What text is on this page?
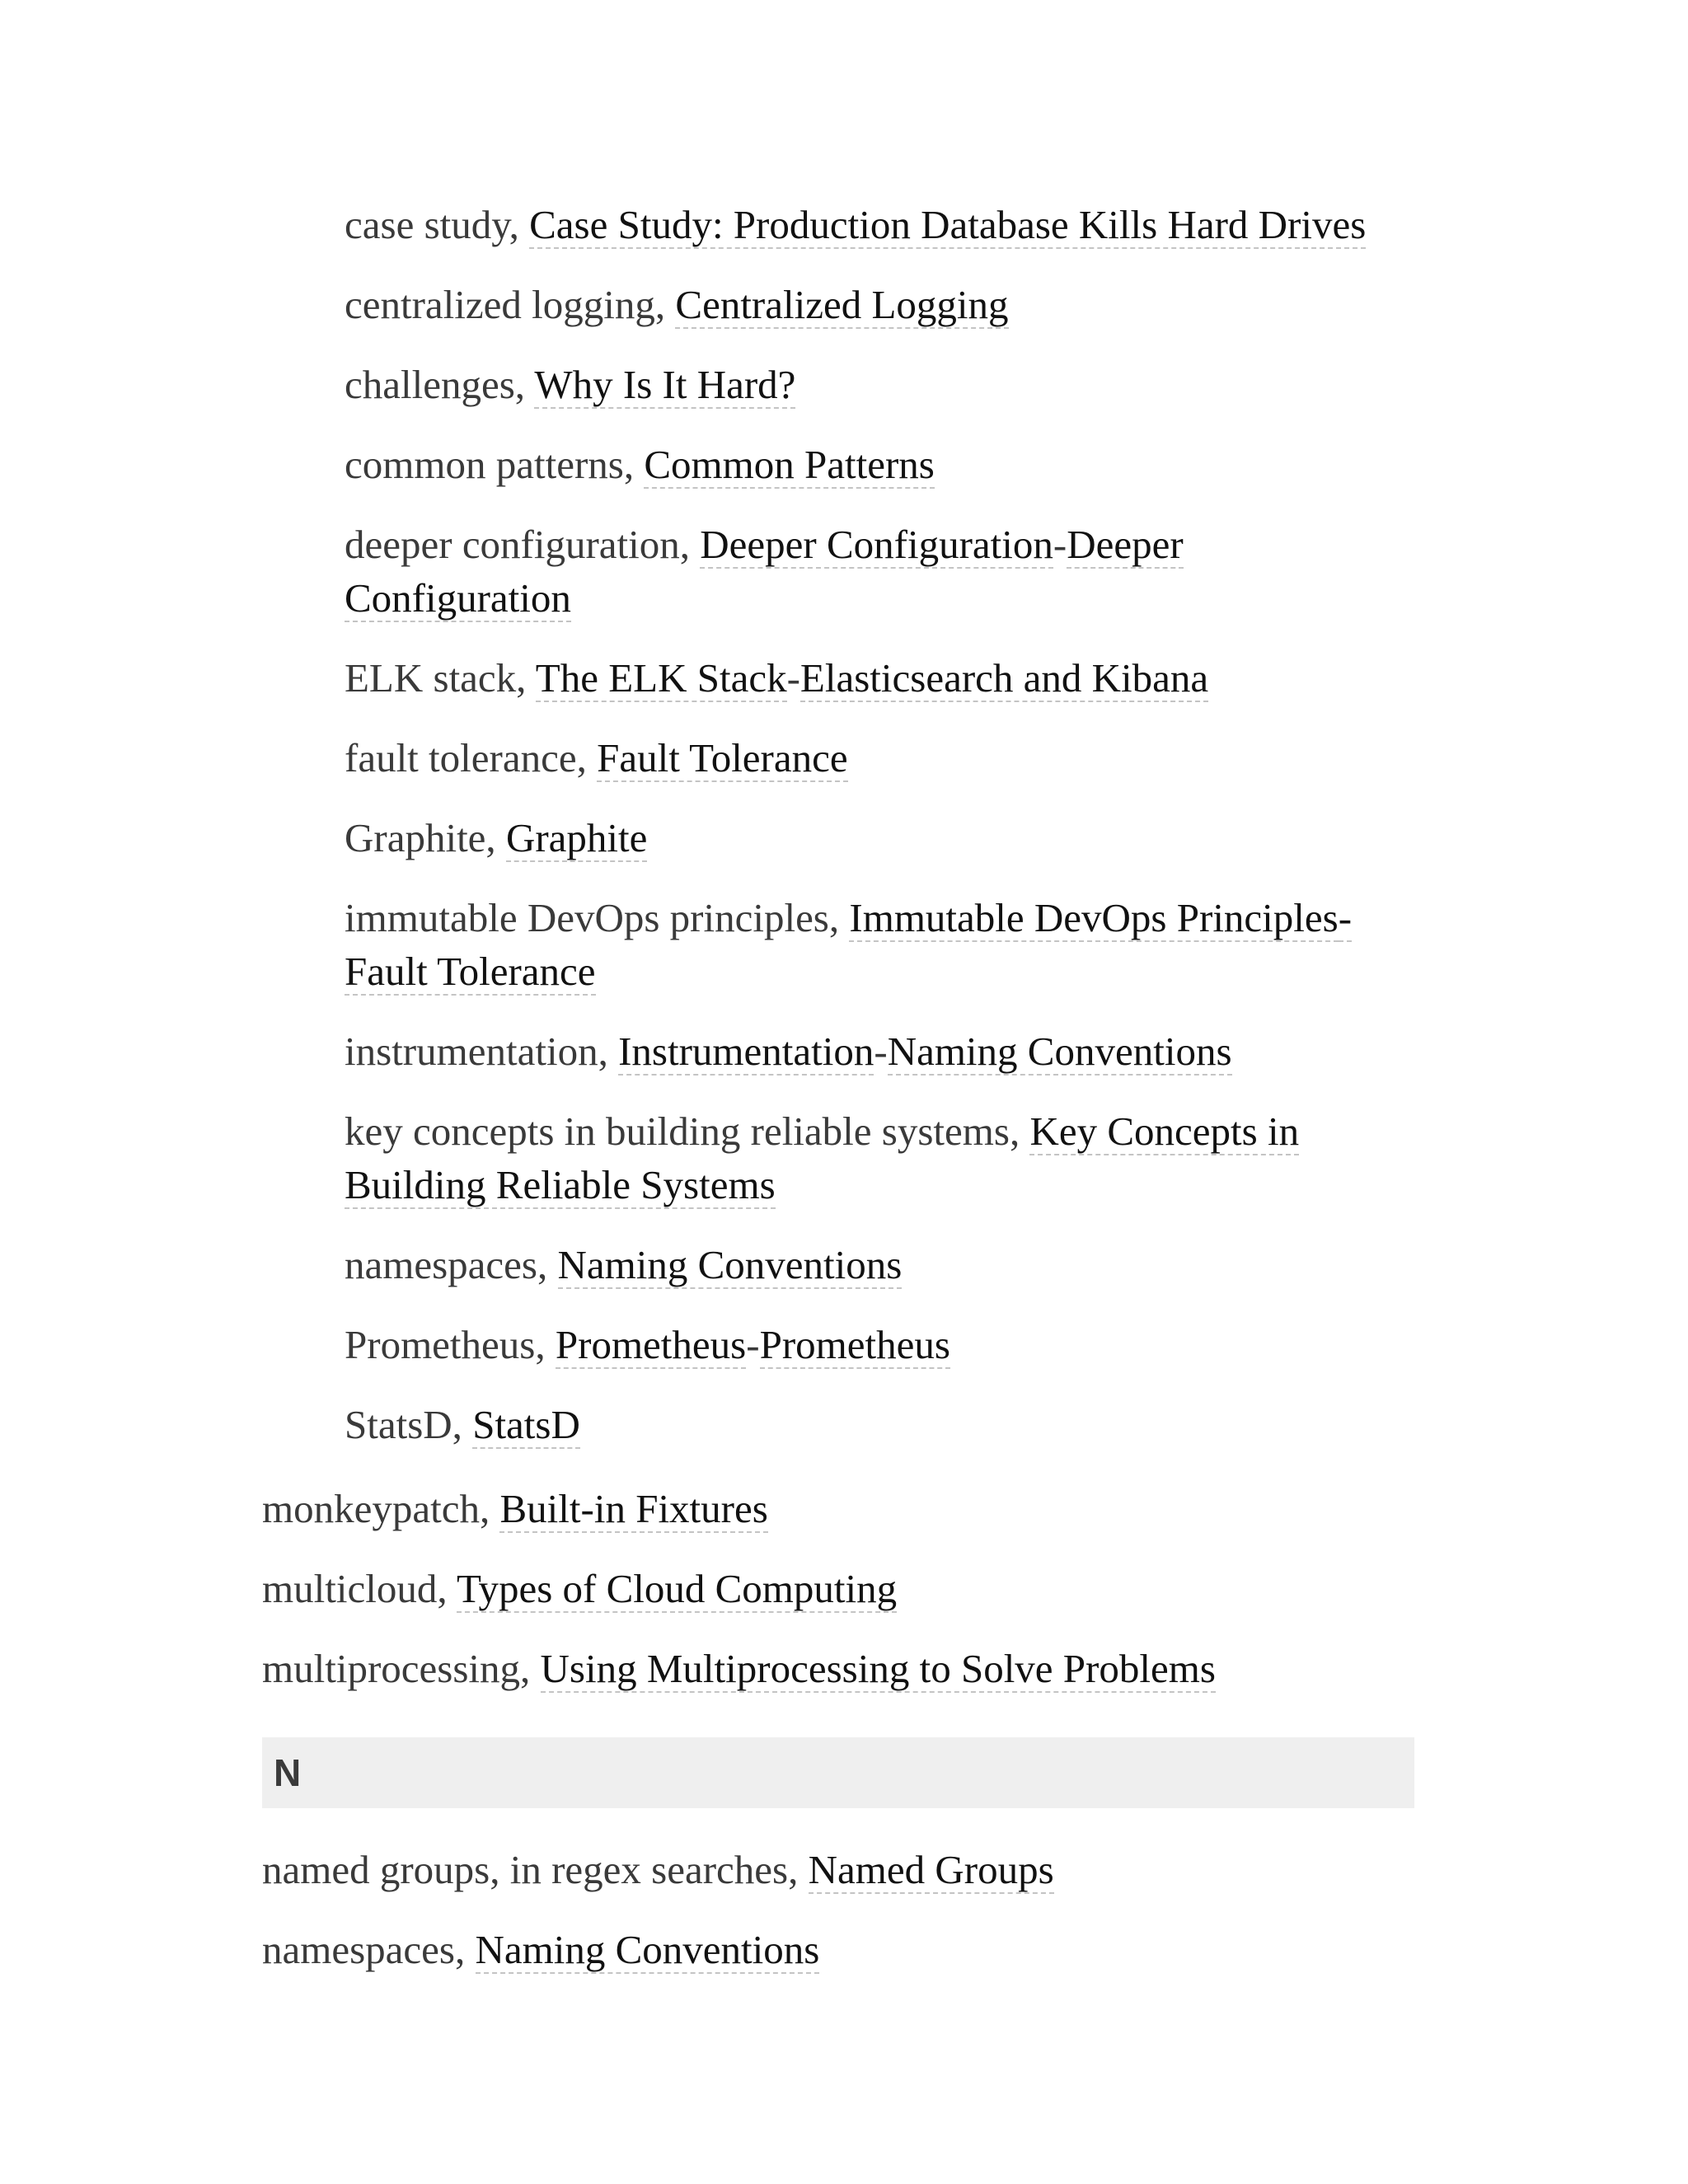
case study, Case Study: Production Database Kills Hard Drives
centralized logging, Centralized Logging
challenges, Why Is It Hard?
common patterns, Common Patterns
deeper configuration, Deeper Configuration-Deeper
Configuration
ELK stack, The ELK Stack-Elasticsearch and Kibana
fault tolerance, Fault Tolerance
Graphite, Graphite
immutable DevOps principles, Immutable DevOps Principles-
Fault Tolerance
instrumentation, Instrumentation-Naming Conventions
key concepts in building reliable systems, Key Concepts in
Building Reliable Systems
namespaces, Naming Conventions
Prometheus, Prometheus-Prometheus
StatsD, StatsD
monkeypatch, Built-in Fixtures
multicloud, Types of Cloud Computing
multiprocessing, Using Multiprocessing to Solve Problems
N
named groups, in regex searches, Named Groups
namespaces, Naming Conventions
